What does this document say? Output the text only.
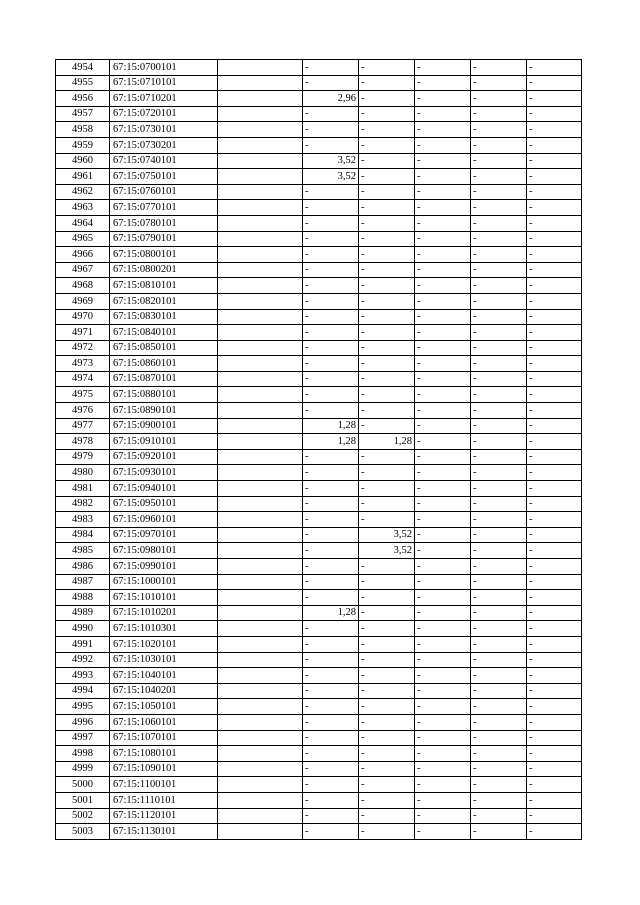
4954	67:15:0700101		-	-	-	-	-
4955	67:15:0710101		-	-	-	-	-
4956	67:15:0710201		2,96	-	-	-	-
4957	67:15:0720101		-	-	-	-	-
4958	67:15:0730101		-	-	-	-	-
4959	67:15:0730201		-	-	-	-	-
4960	67:15:0740101		3,52	-	-	-	-
4961	67:15:0750101		3,52	-	-	-	-
4962	67:15:0760101		-	-	-	-	-
4963	67:15:0770101		-	-	-	-	-
4964	67:15:0780101		-	-	-	-	-
4965	67:15:0790101		-	-	-	-	-
4966	67:15:0800101		-	-	-	-	-
4967	67:15:0800201		-	-	-	-	-
4968	67:15:0810101		-	-	-	-	-
4969	67:15:0820101		-	-	-	-	-
4970	67:15:0830101		-	-	-	-	-
4971	67:15:0840101		-	-	-	-	-
4972	67:15:0850101		-	-	-	-	-
4973	67:15:0860101		-	-	-	-	-
4974	67:15:0870101		-	-	-	-	-
4975	67:15:0880101		-	-	-	-	-
4976	67:15:0890101		-	-	-	-	-
4977	67:15:0900101		1,28	-	-	-	-
4978	67:15:0910101		1,28	1,28	-	-	-
4979	67:15:0920101		-	-	-	-	-
4980	67:15:0930101		-	-	-	-	-
4981	67:15:0940101		-	-	-	-	-
4982	67:15:0950101		-	-	-	-	-
4983	67:15:0960101		-	-	-	-	-
4984	67:15:0970101		-	3,52	-	-	-
4985	67:15:0980101		-	3,52	-	-	-
4986	67:15:0990101		-	-	-	-	-
4987	67:15:1000101		-	-	-	-	-
4988	67:15:1010101		-	-	-	-	-
4989	67:15:1010201		1,28	-	-	-	-
4990	67:15:1010301		-	-	-	-	-
4991	67:15:1020101		-	-	-	-	-
4992	67:15:1030101		-	-	-	-	-
4993	67:15:1040101		-	-	-	-	-
4994	67:15:1040201		-	-	-	-	-
4995	67:15:1050101		-	-	-	-	-
4996	67:15:1060101		-	-	-	-	-
4997	67:15:1070101		-	-	-	-	-
4998	67:15:1080101		-	-	-	-	-
4999	67:15:1090101		-	-	-	-	-
5000	67:15:1100101		-	-	-	-	-
5001	67:15:1110101		-	-	-	-	-
5002	67:15:1120101		-	-	-	-	-
5003	67:15:1130101		-	-	-	-	-
